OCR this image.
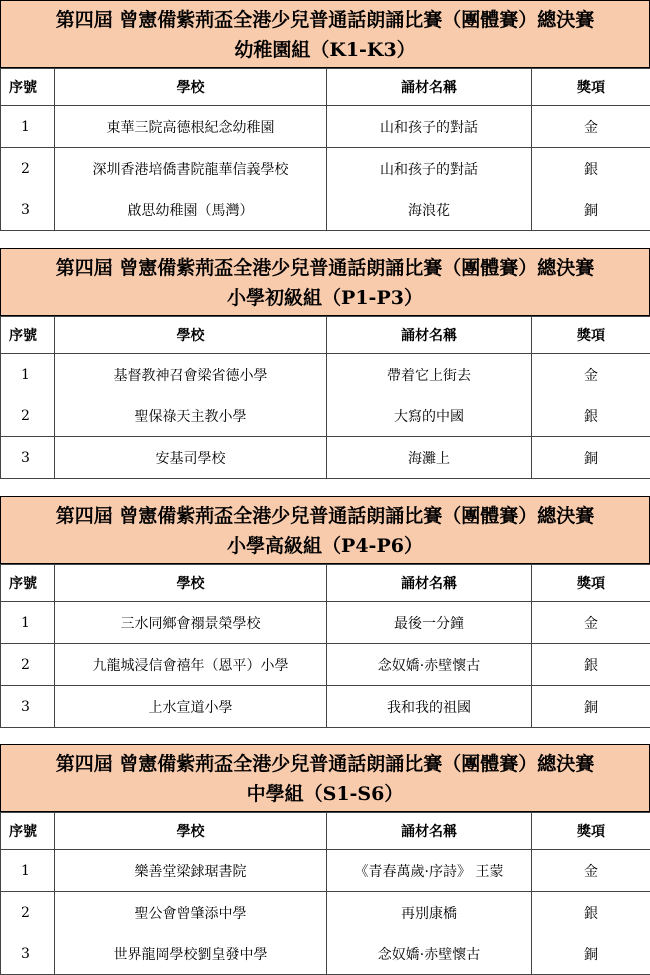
第四屆 曾憲備紫荊盃全港少兒普通話朗誦比賽（團體賽）總決賽
幼稚園組（K1-K3）
序號	學校	誦材名稱	獎項
1	東華三院高德根紀念幼稚園	山和孩子的對話	金
2	深圳香港培僑書院龍華信義學校	山和孩子的對話	銀
3	啟思幼稚園（馬灣）	海浪花	銅
第四屆 曾憲備紫荊盃全港少兒普通話朗誦比賽（團體賽）總決賽
小學初級組（P1-P3）
序號	學校	誦材名稱	獎項
1	基督教神召會梁省德小學	帶着它上街去	金
2	聖保祿天主教小學	大寫的中國	銀
3	安基司學校	海灘上	銅
第四屆 曾憲備紫荊盃全港少兒普通話朗誦比賽（團體賽）總決賽
小學高級組（P4-P6）
序號	學校	誦材名稱	獎項
1	三水同鄉會禤景榮學校	最後一分鐘	金
2	九龍城浸信會禧年（恩平）小學	念奴嬌·赤壁懷古	銀
3	上水宣道小學	我和我的祖國	銅
第四屆 曾憲備紫荊盃全港少兒普通話朗誦比賽（團體賽）總決賽
中學組（S1-S6）
序號	學校	誦材名稱	獎項
1	樂善堂梁銶琚書院	《青春萬歲·序詩》 王蒙	金
2	聖公會曾肇添中學	再別康橋	銀
3	世界龍岡學校劉皇發中學	念奴嬌·赤壁懷古	銅
